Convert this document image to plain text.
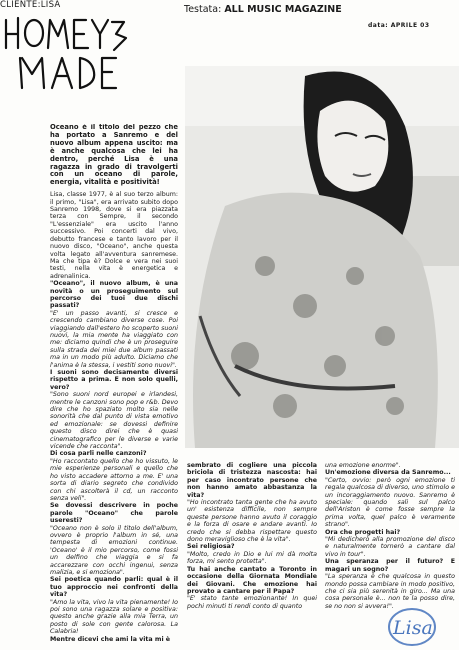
CLIENTE:LISA	Testata: ALL MUSIC MAGAZINE
data: APRILE 03

Oceano è il titolo del pezzo che ha portato a Sanremo e del nuovo album appena uscito: ma è anche qualcosa che lei ha dentro, perché Lisa è una ragazza in grado di travolgerti con un oceano di parole, energia, vitalità e positività!

Lisa, classe 1977, è al suo terzo album: il primo, "Lisa", era arrivato subito dopo Sanremo 1998, dove si era piazzata terza con Sempre, il secondo "L'essenziale" era uscito l'anno successivo. Poi concerti dal vivo, debutto francese e tanto lavoro per il nuovo disco, "Oceano", anche questa volta legato all'avventura sanremese. Ma che tipa è? Dolce e vera nei suoi testi, nella vita è energetica e adrenalinica.

"Oceano", il nuovo album, è una novità o un proseguimento sul percorso dei tuoi due dischi passati?

"E' un passo avanti, si cresce e crescendo cambiano diverse cose. Poi viaggiando dall'estero ho scoperto suoni nuovi, la mia mente ha viaggiato con me: diciamo quindi che è un proseguire sulla strada dei miei due album passati ma in un modo più adulto. Diciamo che l'anima è la stessa, i vestiti sono nuovi".

I suoni sono decisamente diversi rispetto a prima. E non solo quelli, vero?

"Sono suoni nord europei e irlandesi, mentre le canzoni sono pop e r&b. Devo dire che ho spaziato molto sia nelle sonorità che dal punto di vista emotivo ed emozionale: se dovessi definire questo disco direi che è quasi cinematografico per le diverse e varie vicende che racconta".

Di cosa parli nelle canzoni?

"Ho raccontato quello che ho vissuto, le mie esperienze personali e quello che ho visto accadere attorno a me. E' una sorta di diario segreto che condivido con chi ascolterà il cd, un racconto senza veli".

Se dovessi descrivere in poche parole "Oceano" che parole useresti?

"Oceano non è solo il titolo dell'album, ovvero è proprio l'album in sé, una tempesta di emozioni continue. 'Oceano' è il mio percorso, come fossi un delfino che viaggia e si fa accarezzare con occhi ingenui, senza malizia, e si emoziona".

Sei poetica quando parli: qual è il tuo approccio nei confronti della vita?

"Amo la vita, vivo la vita pienamente! Io poi sono una ragazza solare e positiva: questo anche grazie alla mia Terra, un posto di sole con gente calorosa. La Calabria!

Mentre dicevi che ami la vita mi è

sembrato di cogliere una piccola briciola di tristezza nascosta: hai per caso incontrato persone che non hanno amato abbastanza la vita?

"Ho incontrato tanta gente che ha avuto un' esistenza difficile, non sempre queste persone hanno avuto il coraggio e la forza di osare e andare avanti. Io credo che si debba rispettare questo dono meraviglioso che è la vita".

Sei religiosa?

"Molto, credo in Dio e lui mi dà molta forza, mi sento protetta".

Tu hai anche cantato a Toronto in occasione della Giornata Mondiale dei Giovani. Che emozione hai provato a cantare per il Papa?

"E' stato tante emozionante! In quei pochi minuti ti rendi conto di quanto

una emozione enorme".

Un'emozione diversa da Sanremo...

"Certo, ovvio: però ogni emozione ti regala qualcosa di diverso, uno stimolo e un incoraggiamento nuovo. Sanremo è speciale: quando sali sul palco dell'Ariston è come fosse sempre la prima volta, quel palco è veramente strano".

Ora che progetti hai?

"Mi dedicherò alla promozione del disco e naturalmente tornerò a cantare dal vivo in tour".

Una speranza per il futuro? E magari un sogno?

"La speranza è che qualcosa in questo mondo possa cambiare in modo positivo, che ci sia più serenità in giro... Ma una cosa personale è... non te la posso dire, se no non si avvera!".

Lisa
